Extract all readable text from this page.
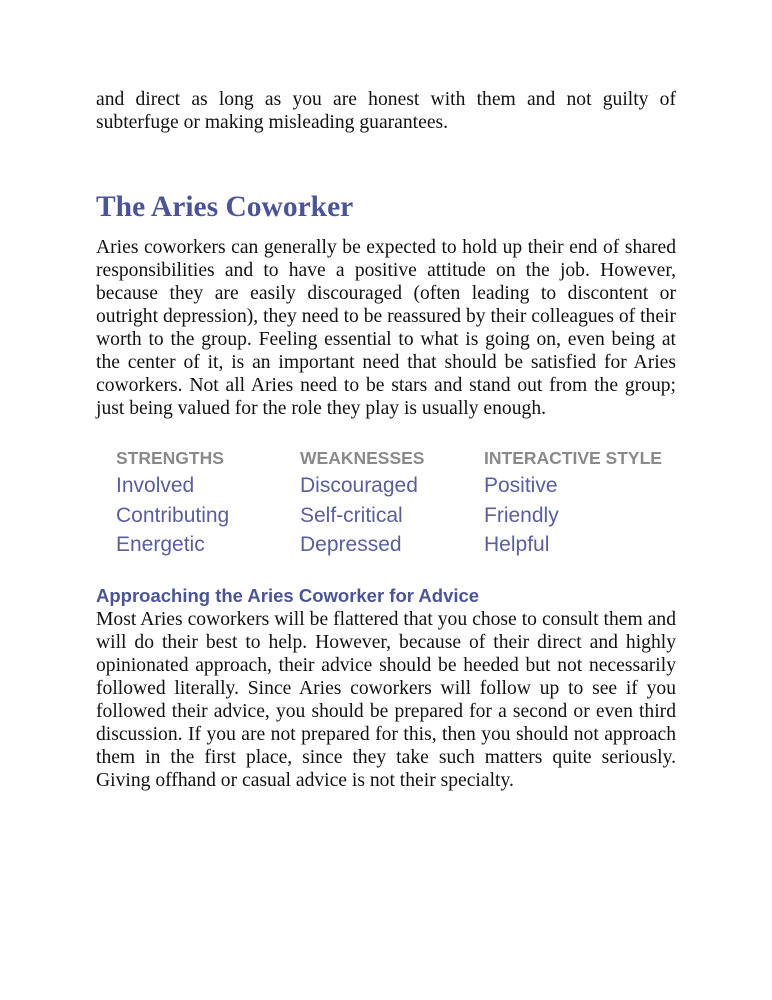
and direct as long as you are honest with them and not guilty of subterfuge or making misleading guarantees.

The Aries Coworker

Aries coworkers can generally be expected to hold up their end of shared responsibilities and to have a positive attitude on the job. However, because they are easily discouraged (often leading to discontent or outright depression), they need to be reassured by their colleagues of their worth to the group. Feeling essential to what is going on, even being at the center of it, is an important need that should be satisfied for Aries coworkers. Not all Aries need to be stars and stand out from the group; just being valued for the role they play is usually enough.

STRENGTHS	WEAKNESSES	INTERACTIVE STYLE
Involved	Discouraged	Positive
Contributing	Self-critical	Friendly
Energetic	Depressed	Helpful
Approaching the Aries Coworker for Advice

Most Aries coworkers will be flattered that you chose to consult them and will do their best to help. However, because of their direct and highly opinionated approach, their advice should be heeded but not necessarily followed literally. Since Aries coworkers will follow up to see if you followed their advice, you should be prepared for a second or even third discussion. If you are not prepared for this, then you should not approach them in the first place, since they take such matters quite seriously. Giving offhand or casual advice is not their specialty.
